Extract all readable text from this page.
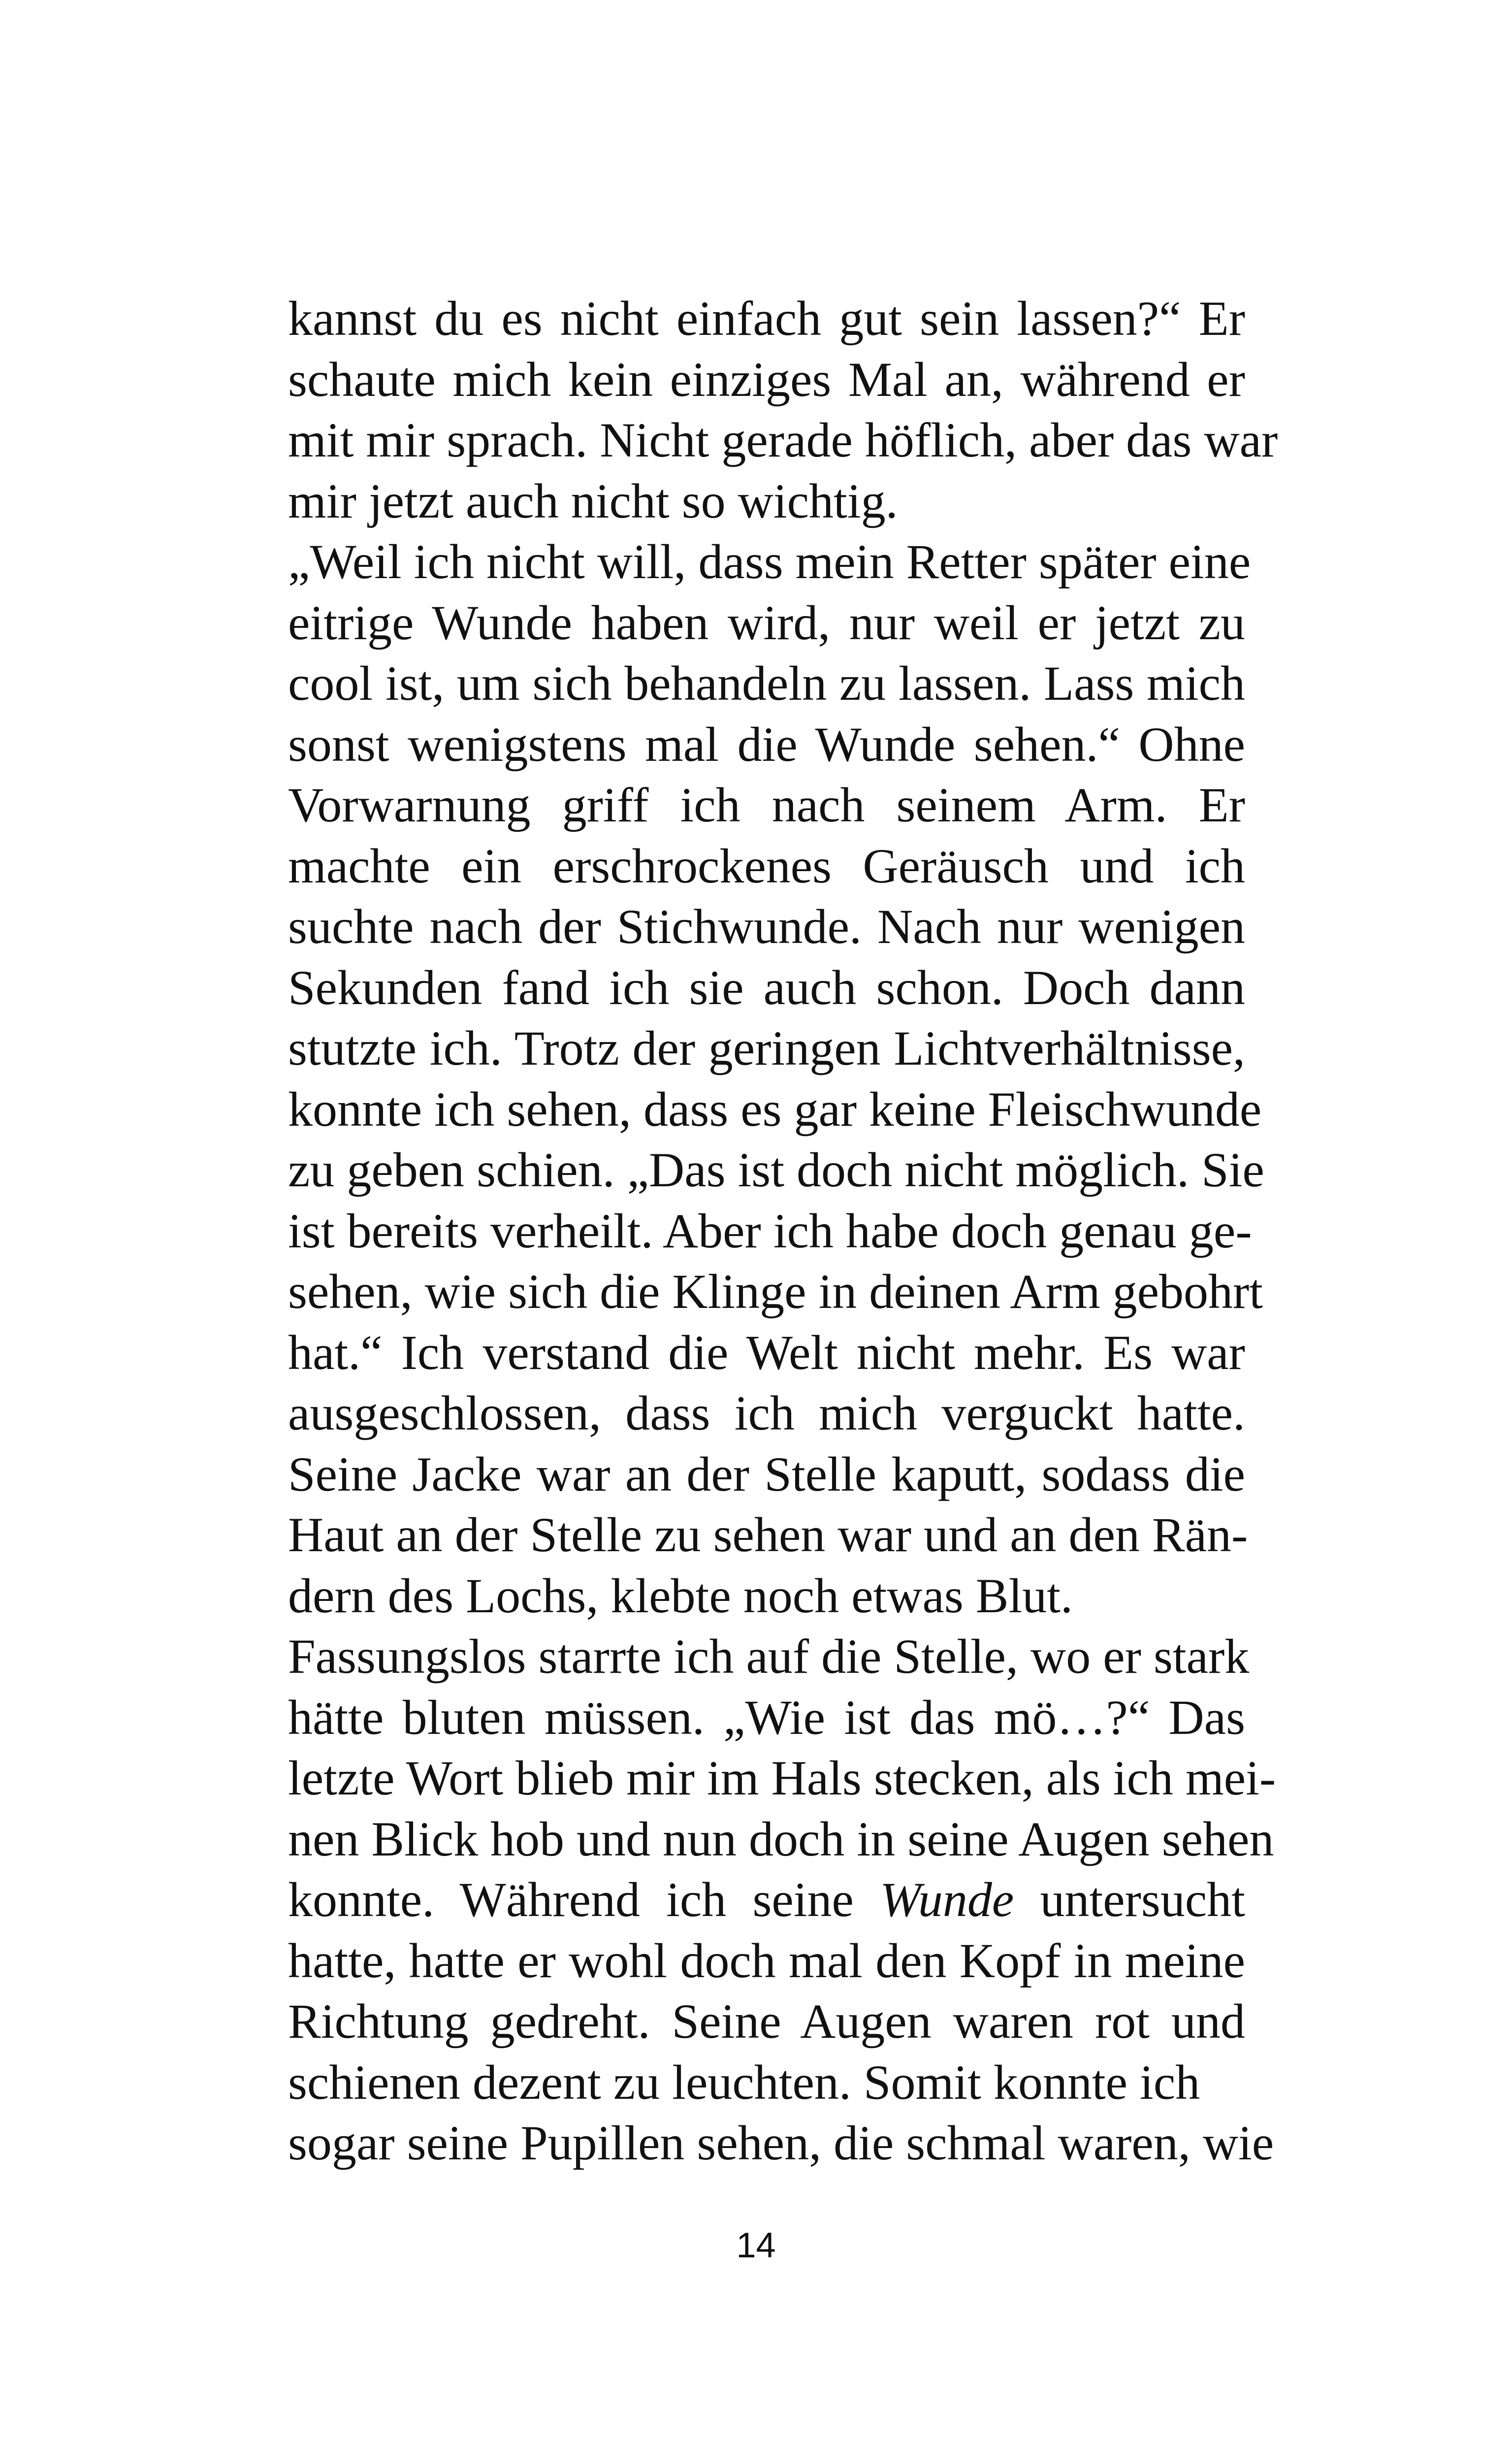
kannst du es nicht einfach gut sein lassen?“ Er
schaute mich kein einziges Mal an, während er
mit mir sprach. Nicht gerade höflich, aber das war
mir jetzt auch nicht so wichtig.
„Weil ich nicht will, dass mein Retter später eine
eitrige Wunde haben wird, nur weil er jetzt zu
cool ist, um sich behandeln zu lassen. Lass mich
sonst wenigstens mal die Wunde sehen.“ Ohne
Vorwarnung griff ich nach seinem Arm. Er
machte ein erschrockenes Geräusch und ich
suchte nach der Stichwunde. Nach nur wenigen
Sekunden fand ich sie auch schon. Doch dann
stutzte ich. Trotz der geringen Lichtverhältnisse,
konnte ich sehen, dass es gar keine Fleischwunde
zu geben schien. „Das ist doch nicht möglich. Sie
ist bereits verheilt. Aber ich habe doch genau ge-
sehen, wie sich die Klinge in deinen Arm gebohrt
hat.“ Ich verstand die Welt nicht mehr. Es war
ausgeschlossen, dass ich mich verguckt hatte.
Seine Jacke war an der Stelle kaputt, sodass die
Haut an der Stelle zu sehen war und an den Rän-
dern des Lochs, klebte noch etwas Blut.
Fassungslos starrte ich auf die Stelle, wo er stark
hätte bluten müssen. „Wie ist das mö…?“ Das
letzte Wort blieb mir im Hals stecken, als ich mei-
nen Blick hob und nun doch in seine Augen sehen
konnte. Während ich seine Wunde untersucht
hatte, hatte er wohl doch mal den Kopf in meine
Richtung gedreht. Seine Augen waren rot und
schienen dezent zu leuchten. Somit konnte ich
sogar seine Pupillen sehen, die schmal waren, wie
14
